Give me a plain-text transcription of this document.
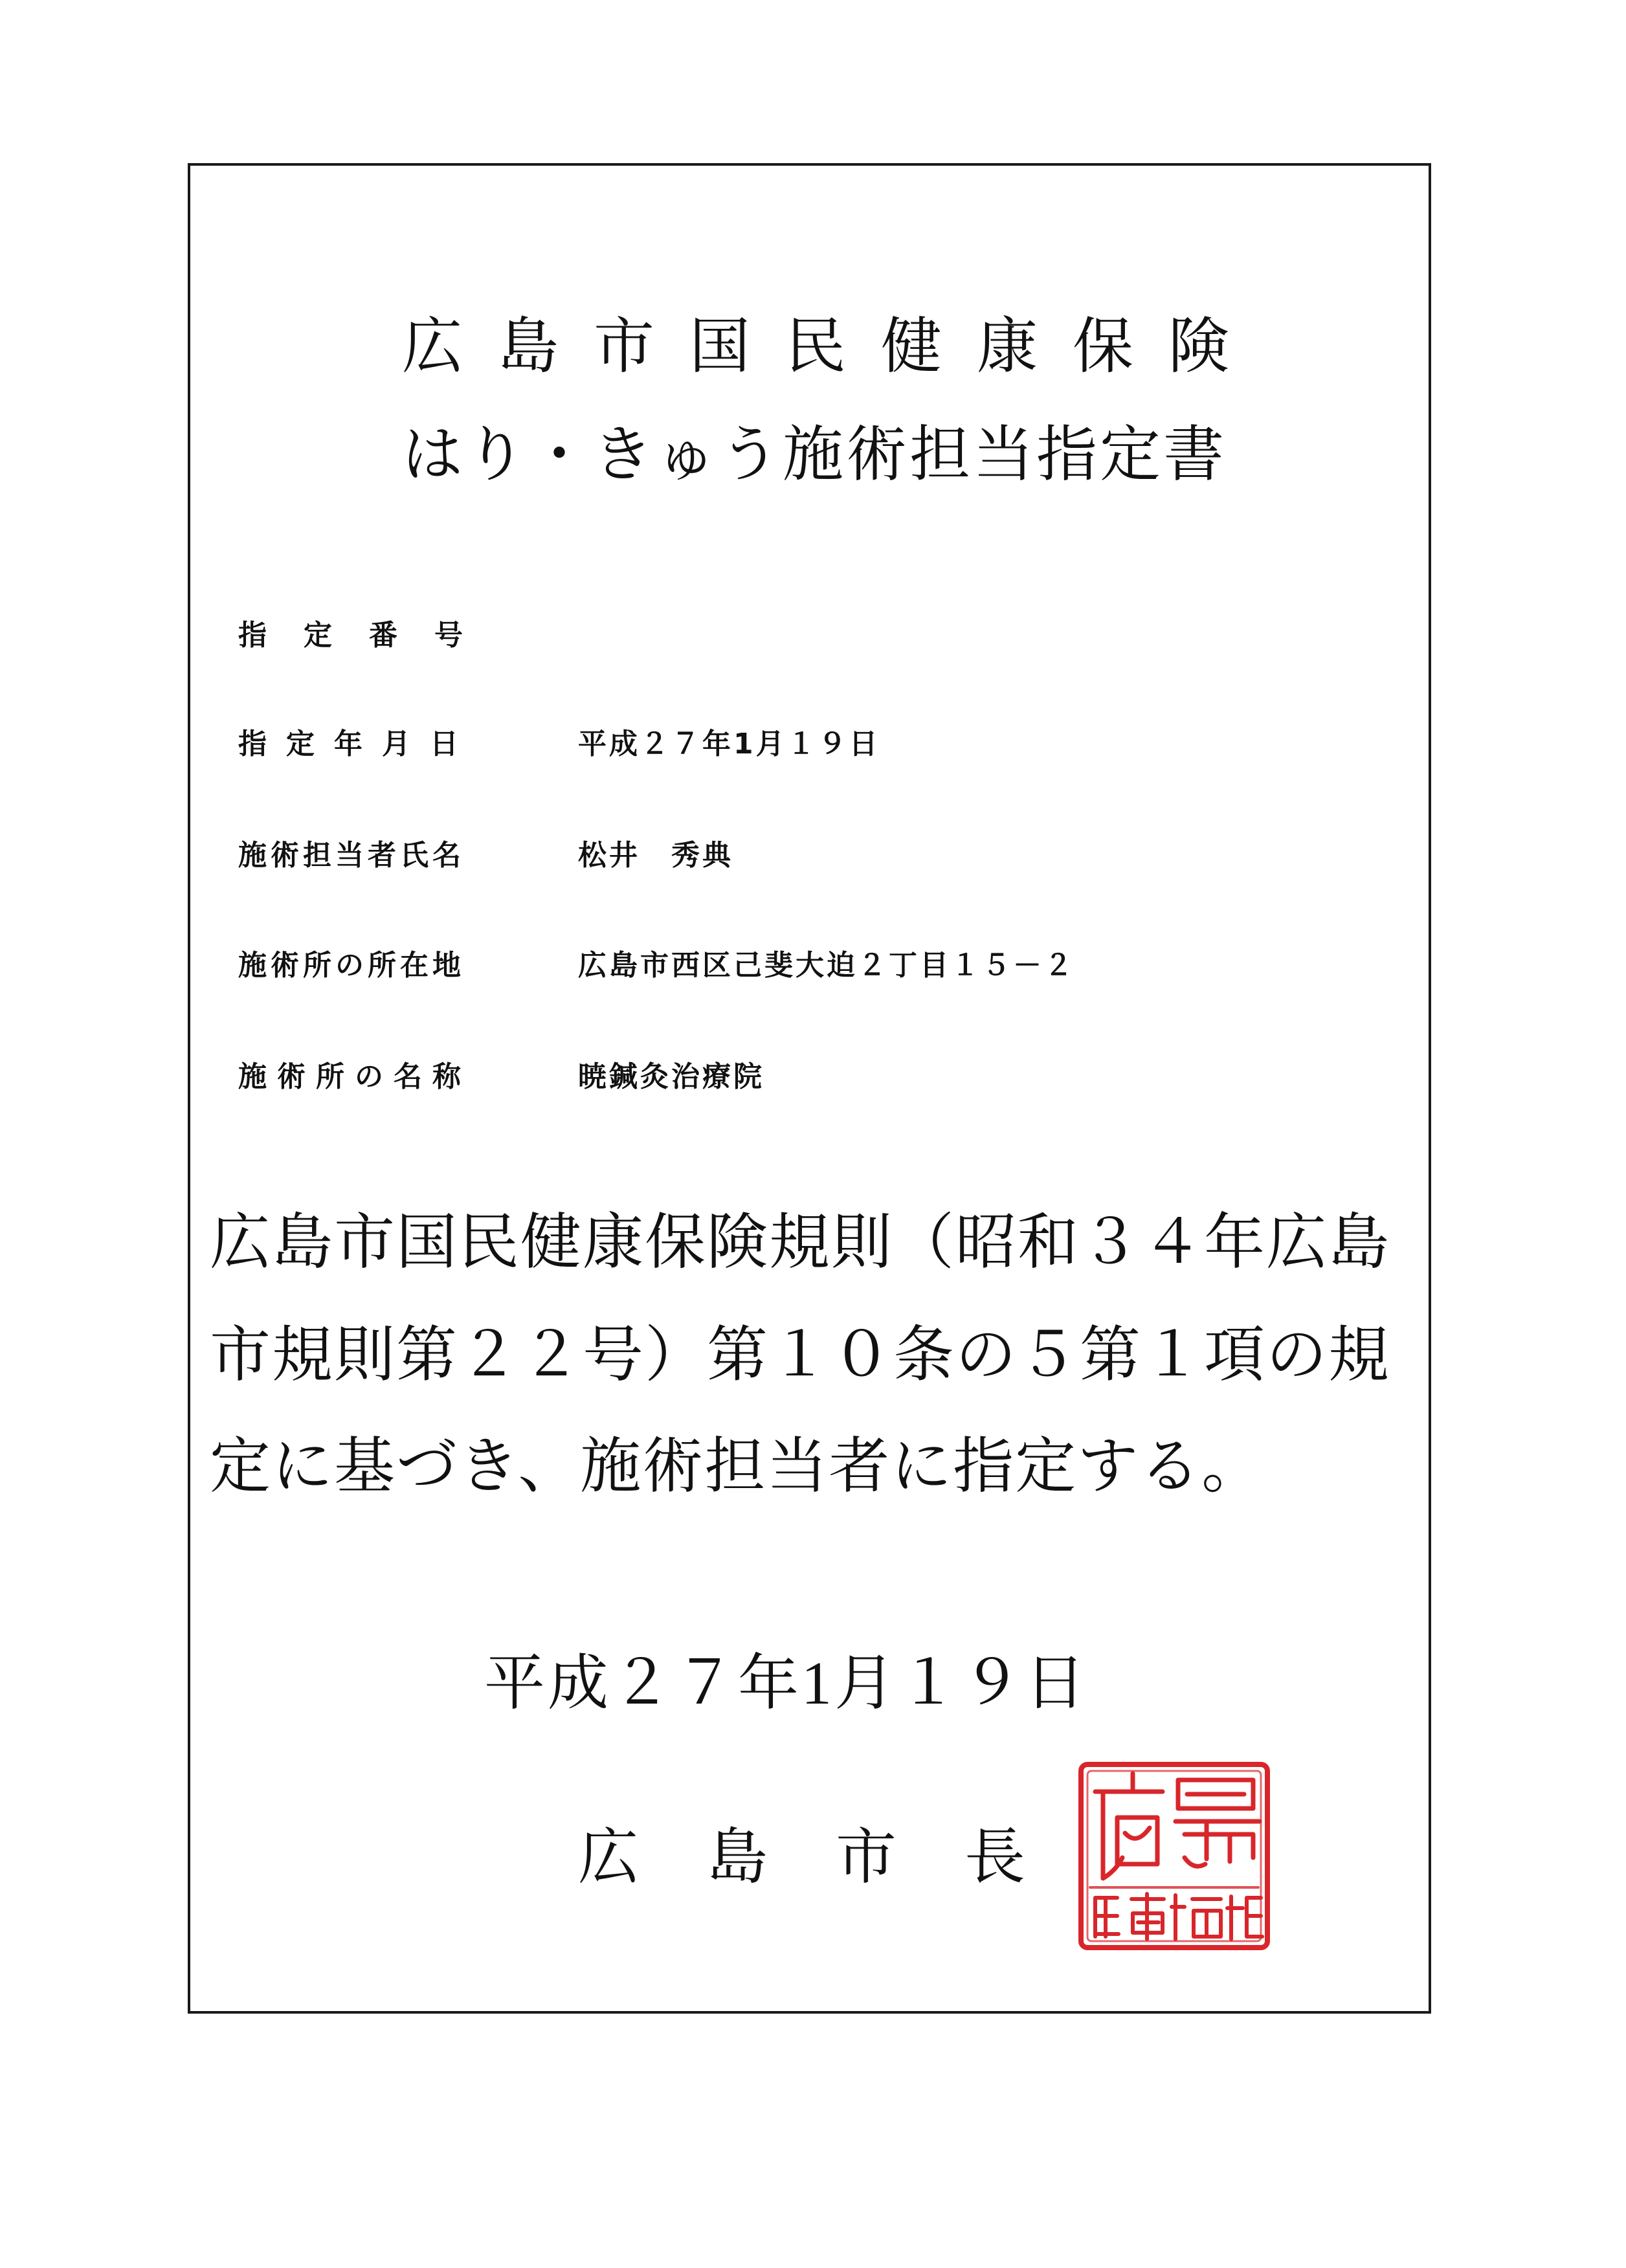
広島市国民健康保険
はり・きゅう施術担当指定書
指定番号
指定年月日	平成２７年1月１９日
施術担当者氏名	松井　秀典
施術所の所在地	広島市西区己斐大迫２丁目１５－２
施術所の名称	暁鍼灸治療院

広島市国民健康保険規則（昭和３４年広島

市規則第２２号）第１０条の５第１項の規

定に基づき、施術担当者に指定する。

平成２７年1月１９日

広島市長
